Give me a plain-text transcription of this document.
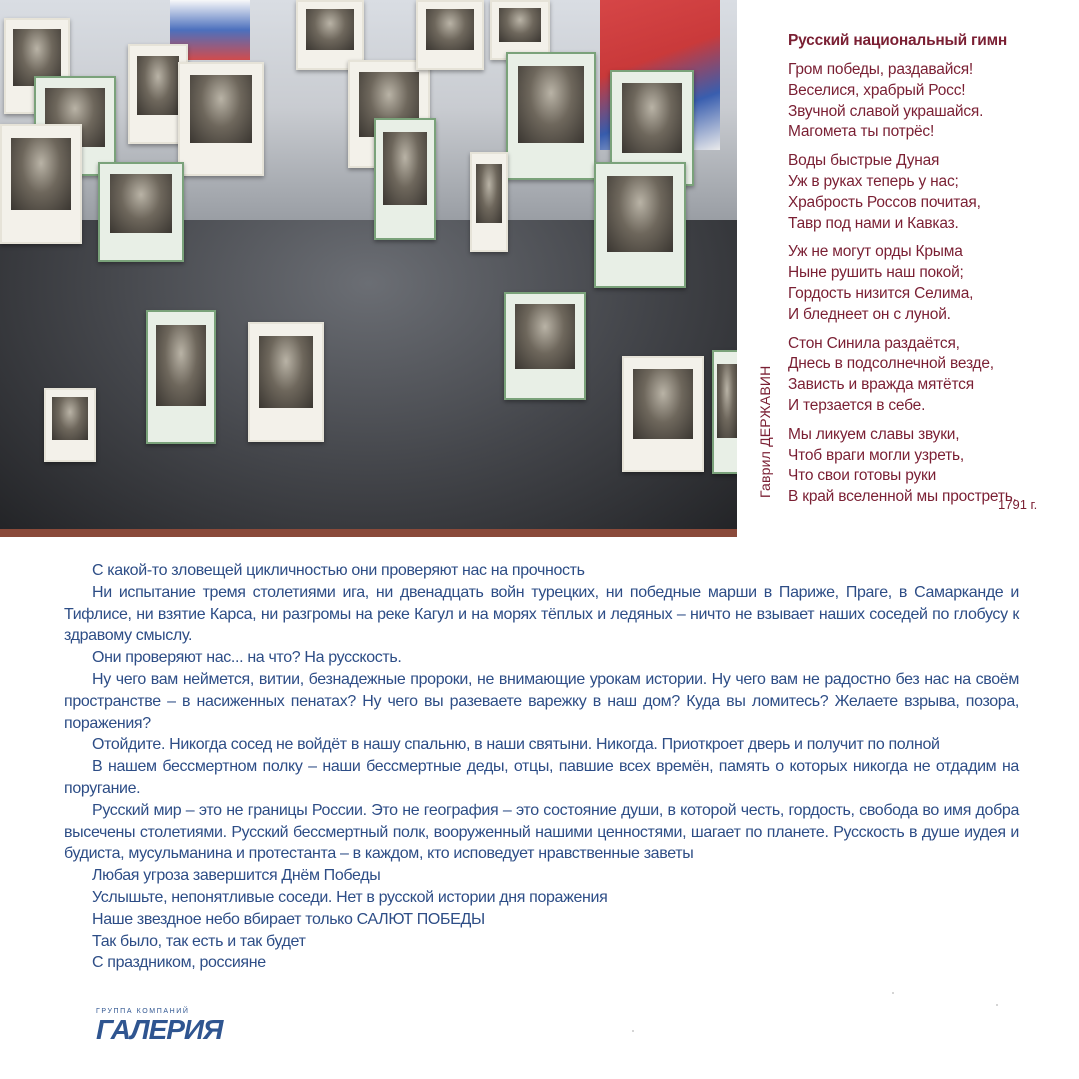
Гаврил ДЕРЖАВИН
Русский национальный гимн
Гром победы, раздавайся!
Веселися, храбрый Росс!
Звучной славой украшайся.
Магомета ты потрёс!
Воды быстрые Дуная
Уж в руках теперь у нас;
Храбрость Россов почитая,
Тавр под нами и Кавказ.
Уж не могут орды Крыма
Ныне рушить наш покой;
Гордость низится Селима,
И бледнеет он с луной.
Стон Синила раздаётся,
Днесь в подсолнечной везде,
Зависть и вражда мятётся
И терзается в себе.
Мы ликуем славы звуки,
Чтоб враги могли узреть,
Что свои готовы руки
В край вселенной мы простреть.
1791 г.

С какой-то зловещей цикличностью они проверяют нас на прочность

Ни испытание тремя столетиями ига, ни двенадцать войн турецких, ни победные марши в Париже, Праге, в Самарканде и Тифлисе, ни взятие Карса, ни разгромы на реке Кагул и на морях тёплых и ледяных – ничто не взывает наших соседей по глобусу к здравому смыслу.

Они проверяют нас... на что? На русскость.

Ну чего вам неймется, витии, безнадежные пророки, не внимающие урокам истории. Ну чего вам не радостно без нас на своём пространстве – в насиженных пенатах? Ну чего вы разеваете варежку в наш дом? Куда вы ломитесь? Желаете взрыва, позора, поражения?

Отойдите. Никогда сосед не войдёт в нашу спальню, в наши святыни. Никогда. Приоткроет дверь и получит по полной

В нашем бессмертном полку – наши бессмертные деды, отцы, павшие всех времён, память о которых никогда не отдадим на поругание.

Русский мир – это не границы России. Это не география – это состояние души, в которой честь, гордость, свобода во имя добра высечены столетиями. Русский бессмертный полк, вооруженный нашими ценностями, шагает по планете. Русскость в душе иудея и будиста, мусульманина и протестанта – в каждом, кто исповедует нравственные заветы

Любая угроза завершится Днём Победы

Услышьте, непонятливые соседи. Нет в русской истории дня поражения

Наше звездное небо вбирает только САЛЮТ ПОБЕДЫ

Так было, так есть и так будет

С праздником, россияне

ГРУППА КОМПАНИЙ
ГАЛЕРИЯ
